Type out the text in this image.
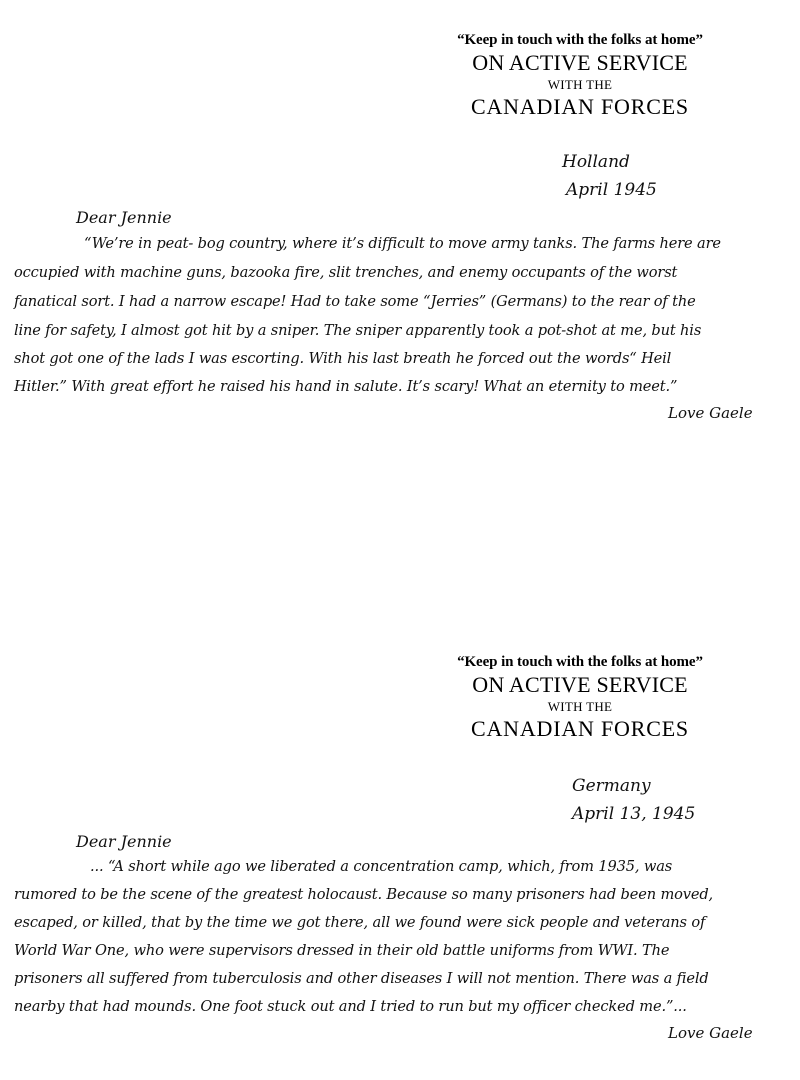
“Keep in touch with the folks at home”
ON ACTIVE SERVICE
WITH THE
CANADIAN FORCES
Holland
April 1945
Dear Jennie
“We’re in peat- bog country, where it’s difficult to move army tanks. The farms here are
occupied with machine guns, bazooka fire, slit trenches, and enemy occupants of the worst
fanatical sort. I had a narrow escape! Had to take some “Jerries” (Germans) to the rear of the
line for safety, I almost got hit by a sniper. The sniper apparently took a pot-shot at me, but his
shot got one of the lads I was escorting. With his last breath he forced out the words“ Heil
Hitler.” With great effort he raised his hand in salute. It’s scary! What an eternity to meet.”
Love Gaele
“Keep in touch with the folks at home”
ON ACTIVE SERVICE
WITH THE
CANADIAN FORCES
Germany
April 13, 1945
Dear Jennie
... “A short while ago we liberated a concentration camp, which, from 1935, was
rumored to be the scene of the greatest holocaust. Because so many prisoners had been moved,
escaped, or killed, that by the time we got there, all we found were sick people and veterans of
World War One, who were supervisors dressed in their old battle uniforms from WWI. The
prisoners all suffered from tuberculosis and other diseases I will not mention. There was a field
nearby that had mounds. One foot stuck out and I tried to run but my officer checked me.”...
Love Gaele
